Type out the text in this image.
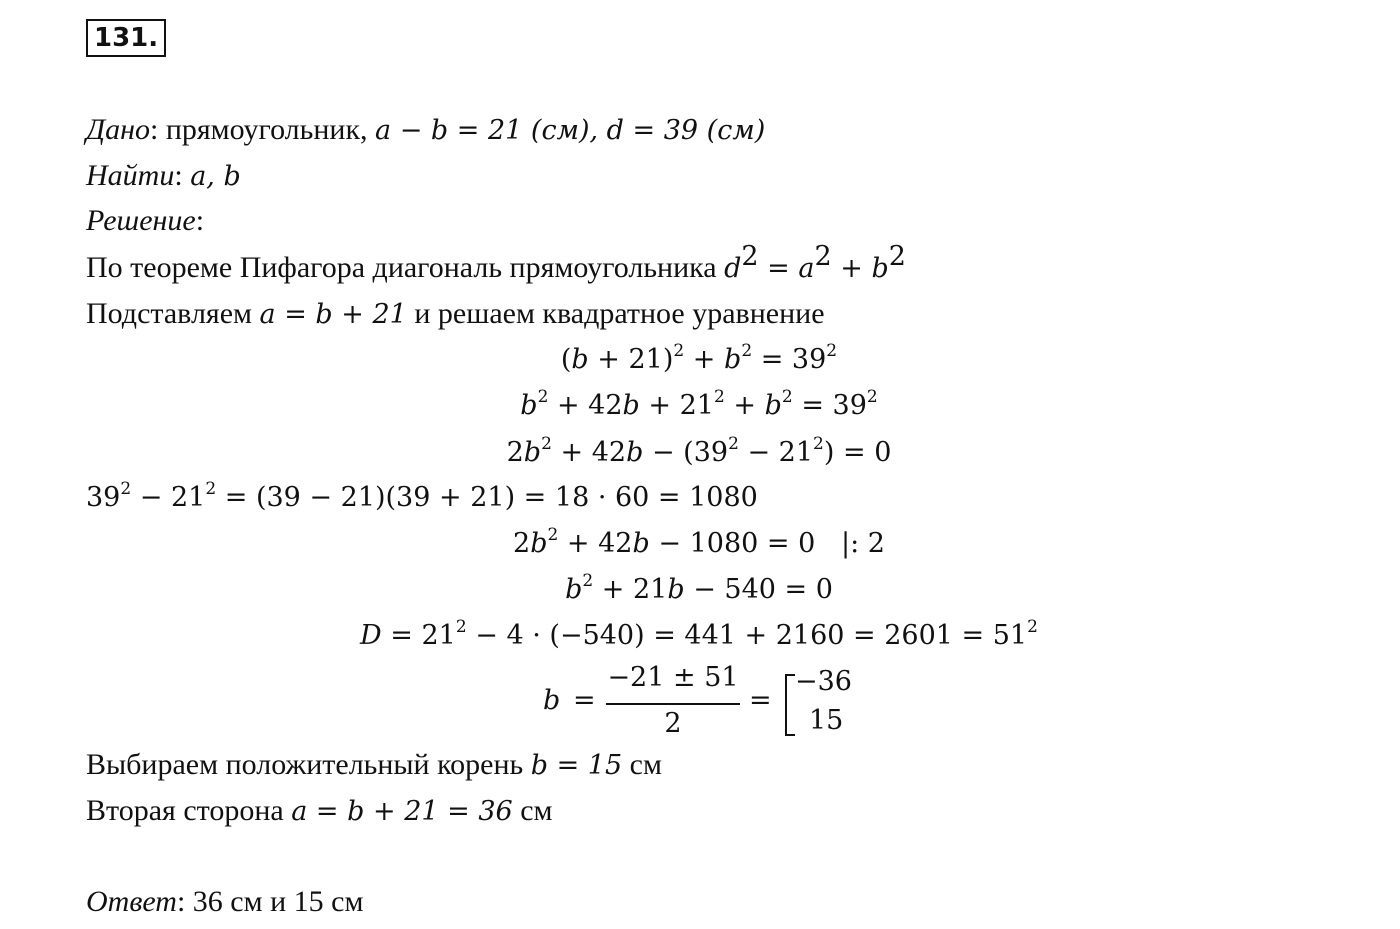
131.
Дано: прямоугольник, a − b = 21 (см), d = 39 (см)
Найти: a, b
Решение:
По теореме Пифагора диагональ прямоугольника $d^2 = a^2 + b^2$
Подставляем a = b + 21 и решаем квадратное уравнение
$(b + 21)^2 + b^2 = 39^2$
$b^2 + 42b + 21^2 + b^2 = 39^2$
$2b^2 + 42b - (39^2 - 21^2) = 0$
$39^2 - 21^2 = (39 - 21)(39 + 21) = 18 \cdot 60 = 1080$
$2b^2 + 42b - 1080 = 0$   |: 2
$b^2 + 21b - 540 = 0$
$D = 21^2 - 4 \cdot (-540) = 441 + 2160 = 2601 = 51^2$
b =
−21 ± 51
2
=
−36
15
Выбираем положительный корень b = 15 см
Вторая сторона a = b + 21 = 36 см
Ответ: 36 см и 15 см
